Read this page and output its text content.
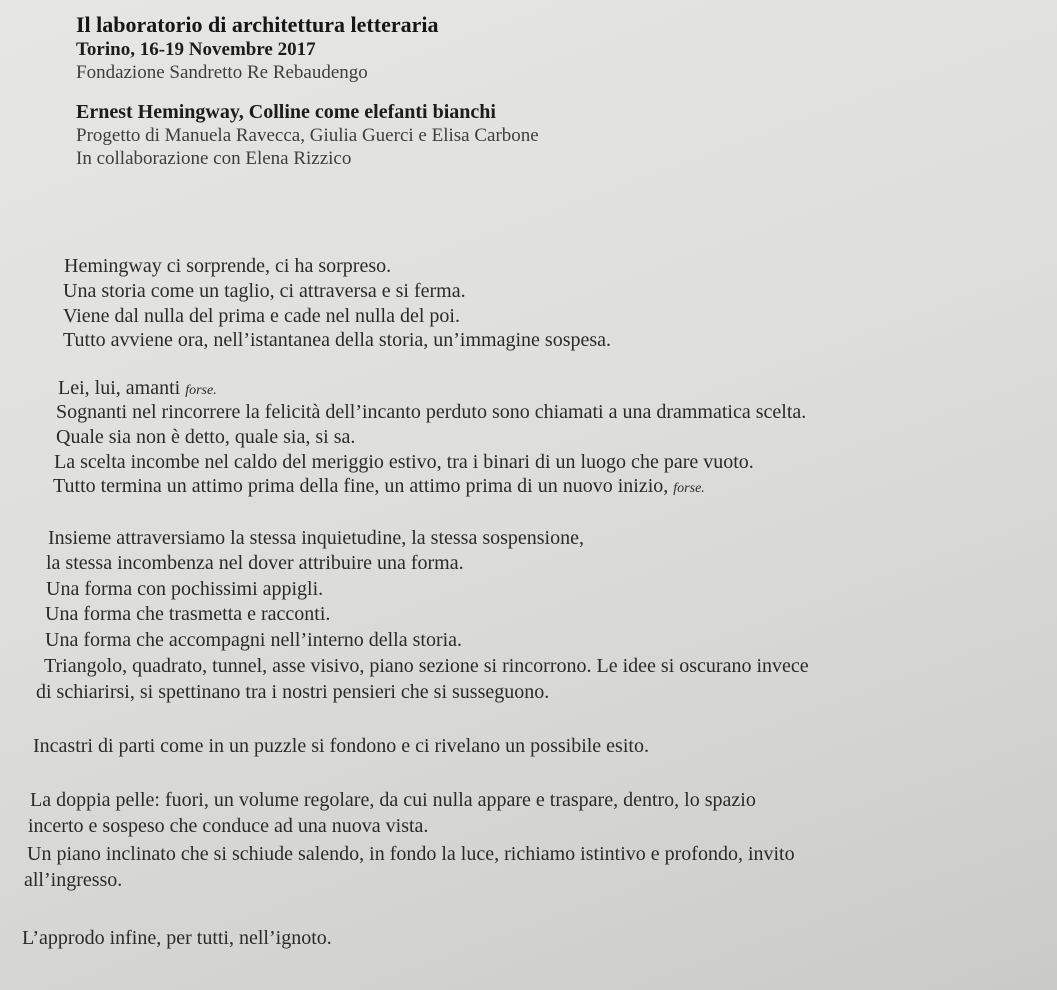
Il laboratorio di architettura letteraria
Torino, 16-19 Novembre 2017
Fondazione Sandretto Re Rebaudengo
Ernest Hemingway, Colline come elefanti bianchi
Progetto di Manuela Ravecca, Giulia Guerci e Elisa Carbone
In collaborazione con Elena Rizzico
Hemingway ci sorprende, ci ha sorpreso.
Una storia come un taglio, ci attraversa e si ferma.
Viene dal nulla del prima e cade nel nulla del poi.
Tutto avviene ora, nell’istantanea della storia, un’immagine sospesa.
Lei, lui, amanti forse.
Sognanti nel rincorrere la felicità dell’incanto perduto sono chiamati a una drammatica scelta.
Quale sia non è detto, quale sia, si sa.
La scelta incombe nel caldo del meriggio estivo, tra i binari di un luogo che pare vuoto.
Tutto termina un attimo prima della fine, un attimo prima di un nuovo inizio, forse.
Insieme attraversiamo la stessa inquietudine, la stessa sospensione,
la stessa incombenza nel dover attribuire una forma.
Una forma con pochissimi appigli.
Una forma che trasmetta e racconti.
Una forma che accompagni nell’interno della storia.
Triangolo, quadrato, tunnel, asse visivo, piano sezione si rincorrono. Le idee si oscurano invece
di schiarirsi, si spettinano tra i nostri pensieri che si susseguono.
Incastri di parti come in un puzzle si fondono e ci rivelano un possibile esito.
La doppia pelle: fuori, un volume regolare, da cui nulla appare e traspare, dentro, lo spazio
incerto e sospeso che conduce ad una nuova vista.
Un piano inclinato che si schiude salendo, in fondo la luce, richiamo istintivo e profondo, invito
all’ingresso.
L’approdo infine, per tutti, nell’ignoto.
